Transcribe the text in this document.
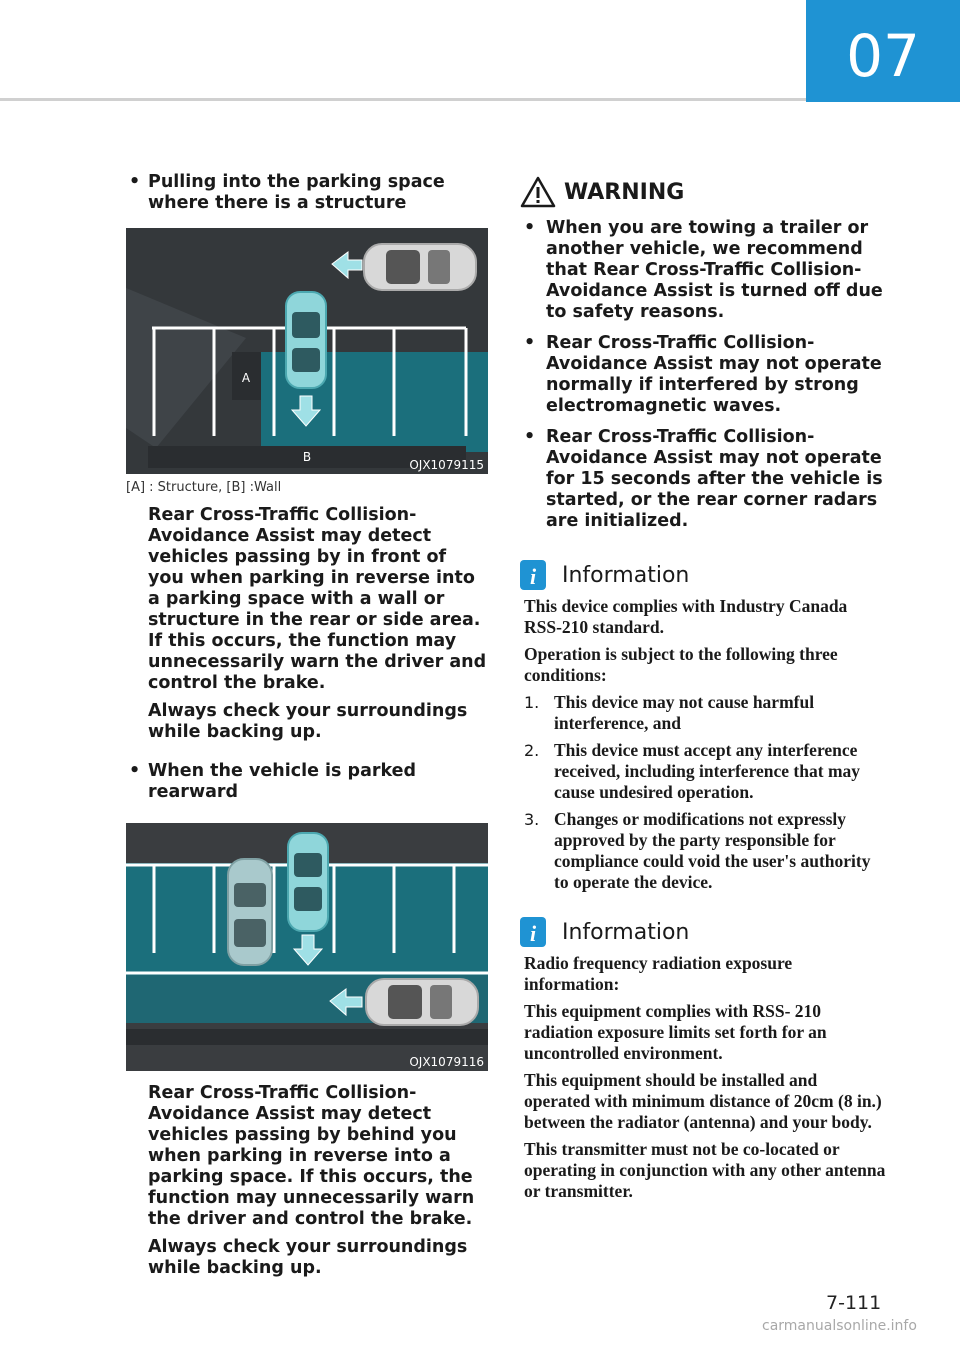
07

• Pulling into the parking space where there is a structure

B
A
OJX1079115

[A] : Structure, [B] :Wall

Rear Cross-Traffic Collision-Avoidance Assist may detect vehicles passing by in front of you when parking in reverse into a parking space with a wall or structure in the rear or side area. If this occurs, the function may unnecessarily warn the driver and control the brake.

Always check your surroundings while backing up.

• When the vehicle is parked rearward

OJX1079116

Rear Cross-Traffic Collision-Avoidance Assist may detect vehicles passing by behind you when parking in reverse into a parking space. If this occurs, the function may unnecessarily warn the driver and control the brake.

Always check your surroundings while backing up.

WARNING

• When you are towing a trailer or another vehicle, we recommend that Rear Cross-Traffic Collision-Avoidance Assist is turned off due to safety reasons.

• Rear Cross-Traffic Collision-Avoidance Assist may not operate normally if interfered by strong electromagnetic waves.

• Rear Cross-Traffic Collision-Avoidance Assist may not operate for 15 seconds after the vehicle is started, or the rear corner radars are initialized.

i Information

This device complies with Industry Canada RSS-210 standard.

Operation is subject to the following three conditions:

1. This device may not cause harmful interference, and
2. This device must accept any interference received, including interference that may cause undesired operation.
3. Changes or modifications not expressly approved by the party responsible for compliance could void the user's authority to operate the device.
i Information

Radio frequency radiation exposure information:

This equipment complies with RSS- 210 radiation exposure limits set forth for an uncontrolled environment.

This equipment should be installed and operated with minimum distance of 20cm (8 in.) between the radiator (antenna) and your body.

This transmitter must not be co-located or operating in conjunction with any other antenna or transmitter.

7-111
carmanualsonline.info
